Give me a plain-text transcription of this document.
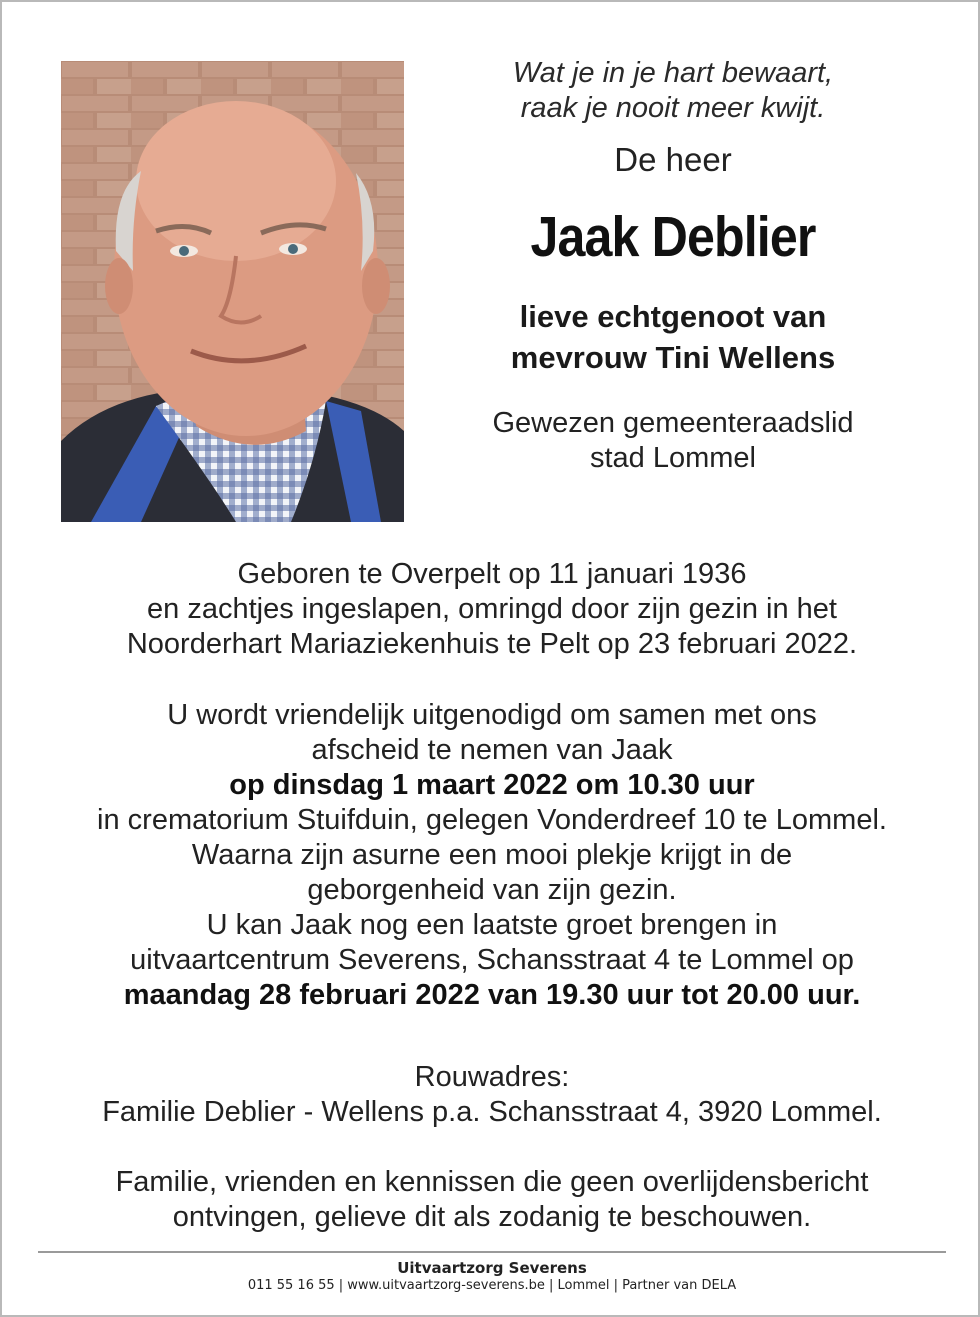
Wat je in je hart bewaart,
raak je nooit meer kwijt.
De heer
Jaak Deblier
lieve echtgenoot van
mevrouw Tini Wellens
Gewezen gemeenteraadslid
stad Lommel
Geboren te Overpelt op 11 januari 1936
en zachtjes ingeslapen, omringd door zijn gezin in het
Noorderhart Mariaziekenhuis te Pelt op 23 februari 2022.
U wordt vriendelijk uitgenodigd om samen met ons
afscheid te nemen van Jaak
op dinsdag 1 maart 2022 om 10.30 uur
in crematorium Stuifduin, gelegen Vonderdreef 10 te Lommel.
Waarna zijn asurne een mooi plekje krijgt in de
geborgenheid van zijn gezin.
U kan Jaak nog een laatste groet brengen in
uitvaartcentrum Severens, Schansstraat 4 te Lommel op
maandag 28 februari 2022 van 19.30 uur tot 20.00 uur.
Rouwadres:
Familie Deblier - Wellens p.a. Schansstraat 4, 3920 Lommel.
Familie, vrienden en kennissen die geen overlijdensbericht
ontvingen, gelieve dit als zodanig te beschouwen.
Uitvaartzorg Severens
011 55 16 55 | www.uitvaartzorg-severens.be | Lommel | Partner van DELA
